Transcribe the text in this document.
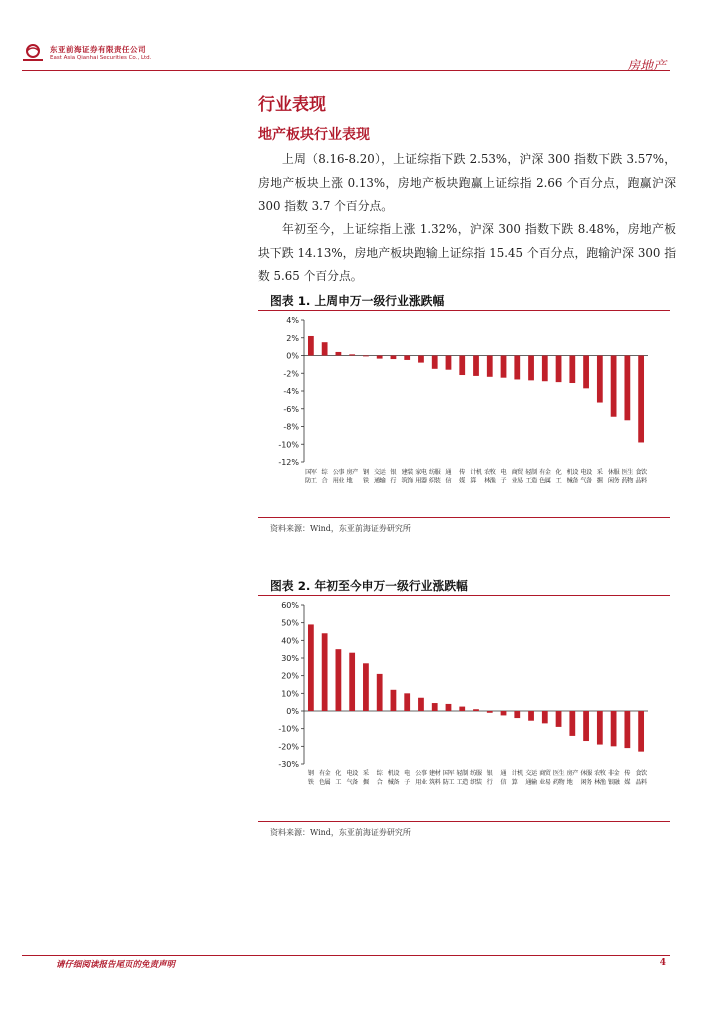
东亚前海证券有限责任公司
East Asia Qianhai Securities Co., Ltd.
房地产
行业表现
地产板块行业表现

上周（8.16-8.20），上证综指下跌 2.53%，沪深 300 指数下跌 3.57%，房地产板块上涨 0.13%，房地产板块跑赢上证综指 2.66 个百分点，跑赢沪深 300 指数 3.7 个百分点。

年初至今，上证综指上涨 1.32%，沪深 300 指数下跌 8.48%，房地产板块下跌 14.13%，房地产板块跑输上证综指 15.45 个百分点，跑输沪深 300 指数 5.65 个百分点。

图表 1. 上周申万一级行业涨跌幅
4%
2%
0%
-2%
-4%
-6%
-8%
-10%
-12%
国
防
军
工
综
合
公
用
事
业
房
地
产 钢
铁
交
通
运
输
银
行
建
筑
装
饰
家
用
电
器
纺
织
服
装
通
信
传
媒
计
算
机 农
林
牧
渔
电
子
商
业
贸
易
轻
工
制
造
有
色
金
属
化
工
机
械
设
备
电
气
设
备
采
掘
休
闲
服
务
医
药
生
物
食
品
饮
料
资料来源：Wind，东亚前海证券研究所
图表 2. 年初至今申万一级行业涨跌幅
60%
50%
40%
30%
20%
10%
0%
-10%
-20%
-30%
钢
铁
有
色
金
属
化
工
电
气
设
备
采
掘
综
合
机
械
设
备
电
子
公
用
事
业
建
筑
材
料
国
防
军
工
轻
工
制
造
纺
织
服
装
银
行
通
信
计
算
机 交
通
运
输
商
业
贸
易
医
药
生
物
房
地
产 休
闲
服
务
农
林
牧
渔
非
银
金
融
传
媒
食
品
饮
料
资料来源：Wind，东亚前海证券研究所
请仔细阅读报告尾页的免责声明	4
